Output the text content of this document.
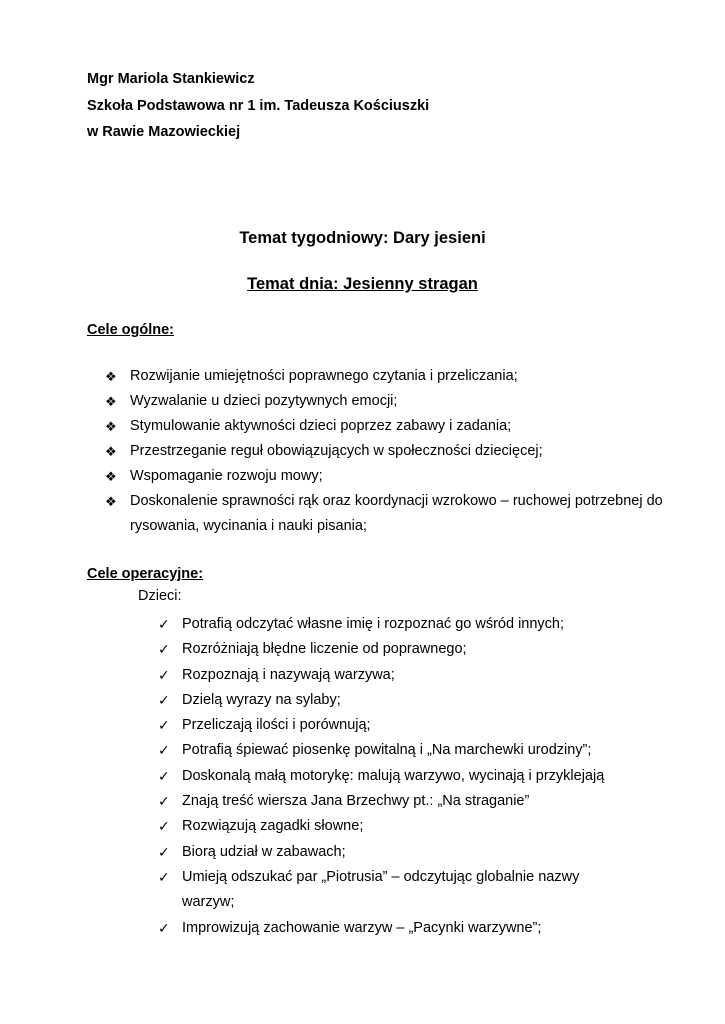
Mgr Mariola Stankiewicz
Szkoła Podstawowa nr 1 im. Tadeusza Kościuszki
w Rawie Mazowieckiej
Temat tygodniowy: Dary jesieni
Temat dnia: Jesienny stragan
Cele ogólne:
❖ Rozwijanie umiejętności poprawnego czytania i przeliczania;
❖ Wyzwalanie u dzieci pozytywnych emocji;
❖ Stymulowanie aktywności dzieci poprzez zabawy i zadania;
❖ Przestrzeganie reguł obowiązujących w społeczności dziecięcej;
❖ Wspomaganie rozwoju mowy;
❖ Doskonalenie sprawności rąk oraz koordynacji wzrokowo – ruchowej potrzebnej do rysowania, wycinania i nauki pisania;
Cele operacyjne:
Dzieci:
✓ Potrafią odczytać własne imię i rozpoznać go wśród innych;
✓ Rozróżniają błędne liczenie od poprawnego;
✓ Rozpoznają i nazywają warzywa;
✓ Dzielą wyrazy na sylaby;
✓ Przeliczają ilości i porównują;
✓ Potrafią śpiewać piosenkę powitalną i „Na marchewki urodziny”;
✓ Doskonalą małą motorykę: malują warzywo, wycinają i przyklejają
✓ Znają treść wiersza Jana Brzechwy pt.: „Na straganie”
✓ Rozwiązują zagadki słowne;
✓ Biorą udział w zabawach;
✓ Umieją odszukać par „Piotrusia” – odczytując globalnie nazwy warzyw;
✓ Improwizują zachowanie warzyw – „Pacynki warzywne”;
